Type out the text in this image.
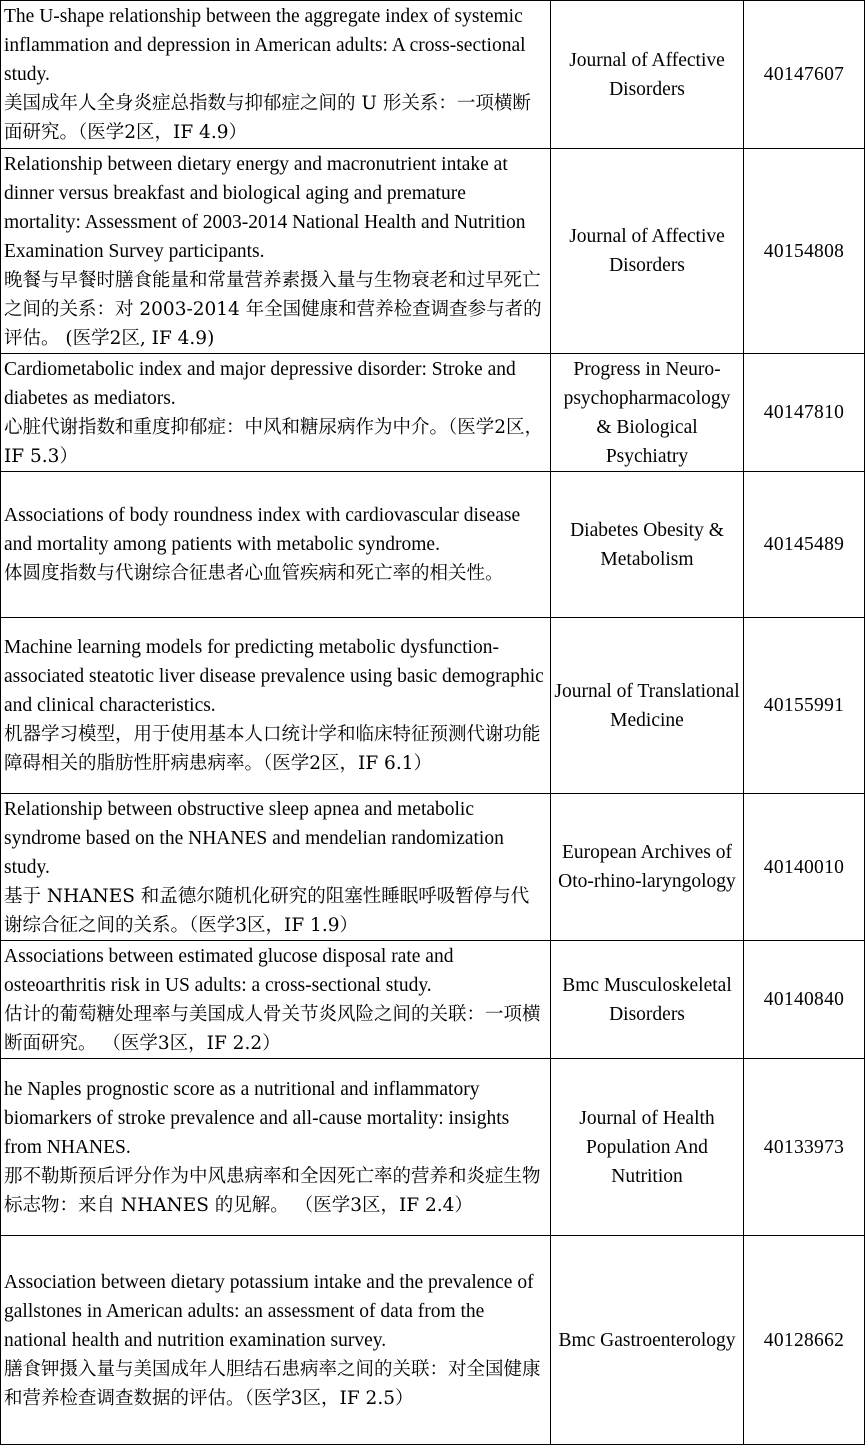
The U-shape relationship between the aggregate index of systemic inflammation and depression in American adults: A cross-sectional study.
美国成年人全身炎症总指数与抑郁症之间的 U 形关系：一项横断面研究。（医学2区，IF 4.9）	Journal of Affective Disorders	40147607

Relationship between dietary energy and macronutrient intake at dinner versus breakfast and biological aging and premature mortality: Assessment of 2003-2014 National Health and Nutrition Examination Survey participants.
晚餐与早餐时膳食能量和常量营养素摄入量与生物衰老和过早死亡之间的关系：对 2003-2014 年全国健康和营养检查调查参与者的评估。 (医学2区, IF 4.9)	Journal of Affective Disorders	40154808

Cardiometabolic index and major depressive disorder: Stroke and diabetes as mediators.
心脏代谢指数和重度抑郁症：中风和糖尿病作为中介。（医学2区，IF 5.3）	Progress in Neuro-psychopharmacology & Biological Psychiatry	40147810

Associations of body roundness index with cardiovascular disease and mortality among patients with metabolic syndrome.
体圆度指数与代谢综合征患者心血管疾病和死亡率的相关性。	Diabetes Obesity & Metabolism	40145489

Machine learning models for predicting metabolic dysfunction-associated steatotic liver disease prevalence using basic demographic and clinical characteristics.
机器学习模型，用于使用基本人口统计学和临床特征预测代谢功能障碍相关的脂肪性肝病患病率。（医学2区，IF 6.1）	Journal of Translational Medicine	40155991

Relationship between obstructive sleep apnea and metabolic syndrome based on the NHANES and mendelian randomization study.
基于 NHANES 和孟德尔随机化研究的阻塞性睡眠呼吸暂停与代谢综合征之间的关系。（医学3区，IF 1.9）	European Archives of Oto-rhino-laryngology	40140010

Associations between estimated glucose disposal rate and osteoarthritis risk in US adults: a cross-sectional study.
估计的葡萄糖处理率与美国成人骨关节炎风险之间的关联：一项横断面研究。 （医学3区，IF 2.2）	Bmc Musculoskeletal Disorders	40140840

he Naples prognostic score as a nutritional and inflammatory biomarkers of stroke prevalence and all-cause mortality: insights from NHANES.
那不勒斯预后评分作为中风患病率和全因死亡率的营养和炎症生物标志物：来自 NHANES 的见解。 （医学3区，IF 2.4）	Journal of Health Population And Nutrition	40133973

Association between dietary potassium intake and the prevalence of gallstones in American adults: an assessment of data from the national health and nutrition examination survey.
膳食钾摄入量与美国成年人胆结石患病率之间的关联：对全国健康和营养检查调查数据的评估。（医学3区，IF 2.5）	Bmc Gastroenterology	40128662
